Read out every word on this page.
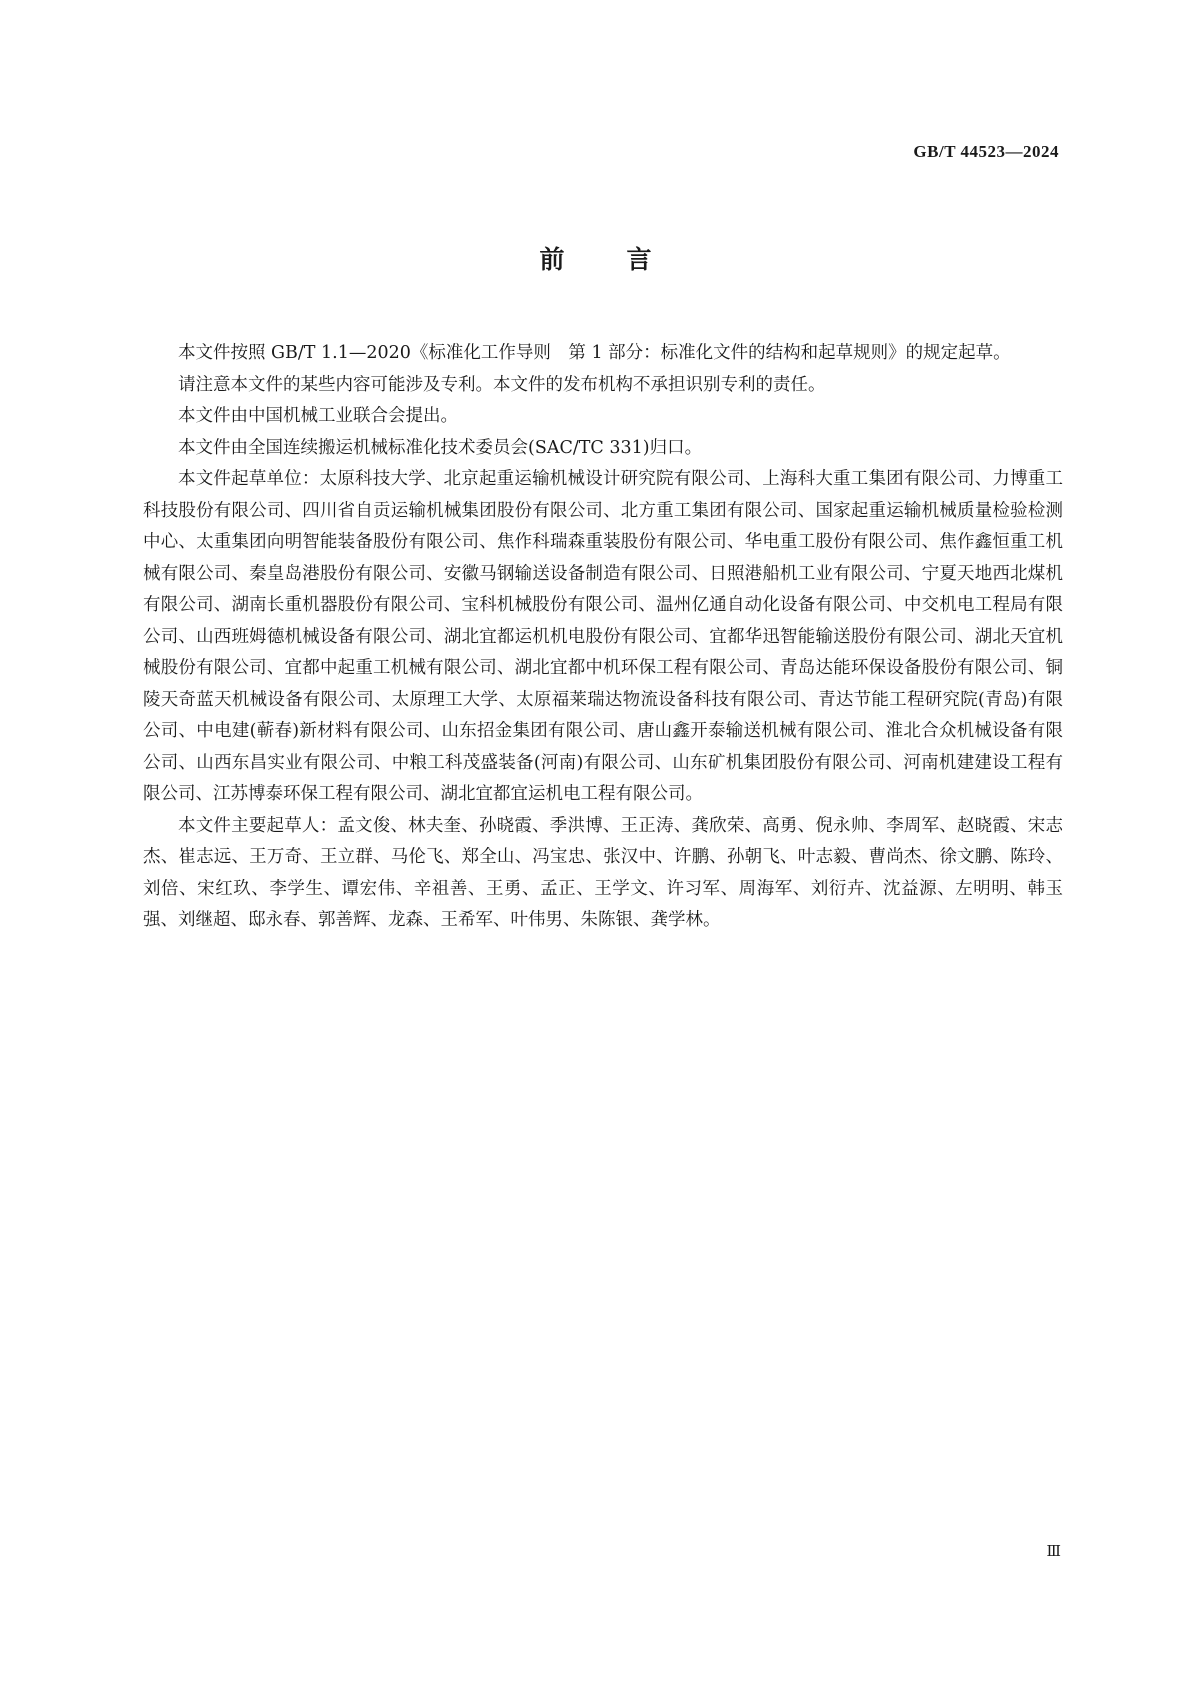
GB/T 44523—2024
前言

本文件按照 GB/T 1.1—2020《标准化工作导则　第 1 部分：标准化文件的结构和起草规则》的规定起草。

请注意本文件的某些内容可能涉及专利。本文件的发布机构不承担识别专利的责任。

本文件由中国机械工业联合会提出。

本文件由全国连续搬运机械标准化技术委员会(SAC/TC 331)归口。

本文件起草单位：太原科技大学、北京起重运输机械设计研究院有限公司、上海科大重工集团有限公司、力博重工科技股份有限公司、四川省自贡运输机械集团股份有限公司、北方重工集团有限公司、国家起重运输机械质量检验检测中心、太重集团向明智能装备股份有限公司、焦作科瑞森重装股份有限公司、华电重工股份有限公司、焦作鑫恒重工机械有限公司、秦皇岛港股份有限公司、安徽马钢输送设备制造有限公司、日照港船机工业有限公司、宁夏天地西北煤机有限公司、湖南长重机器股份有限公司、宝科机械股份有限公司、温州亿通自动化设备有限公司、中交机电工程局有限公司、山西班姆德机械设备有限公司、湖北宜都运机机电股份有限公司、宜都华迅智能输送股份有限公司、湖北天宜机械股份有限公司、宜都中起重工机械有限公司、湖北宜都中机环保工程有限公司、青岛达能环保设备股份有限公司、铜陵天奇蓝天机械设备有限公司、太原理工大学、太原福莱瑞达物流设备科技有限公司、青达节能工程研究院(青岛)有限公司、中电建(蕲春)新材料有限公司、山东招金集团有限公司、唐山鑫开泰输送机械有限公司、淮北合众机械设备有限公司、山西东昌实业有限公司、中粮工科茂盛装备(河南)有限公司、山东矿机集团股份有限公司、河南机建建设工程有限公司、江苏博泰环保工程有限公司、湖北宜都宜运机电工程有限公司。

本文件主要起草人：孟文俊、林夫奎、孙晓霞、季洪博、王正涛、龚欣荣、高勇、倪永帅、李周军、赵晓霞、宋志杰、崔志远、王万奇、王立群、马伦飞、郑全山、冯宝忠、张汉中、许鹏、孙朝飞、叶志毅、曹尚杰、徐文鹏、陈玲、刘倍、宋红玖、李学生、谭宏伟、辛祖善、王勇、孟正、王学文、许习军、周海军、刘衍卉、沈益源、左明明、韩玉强、刘继超、邸永春、郭善辉、龙森、王希军、叶伟男、朱陈银、龚学林。

Ⅲ
